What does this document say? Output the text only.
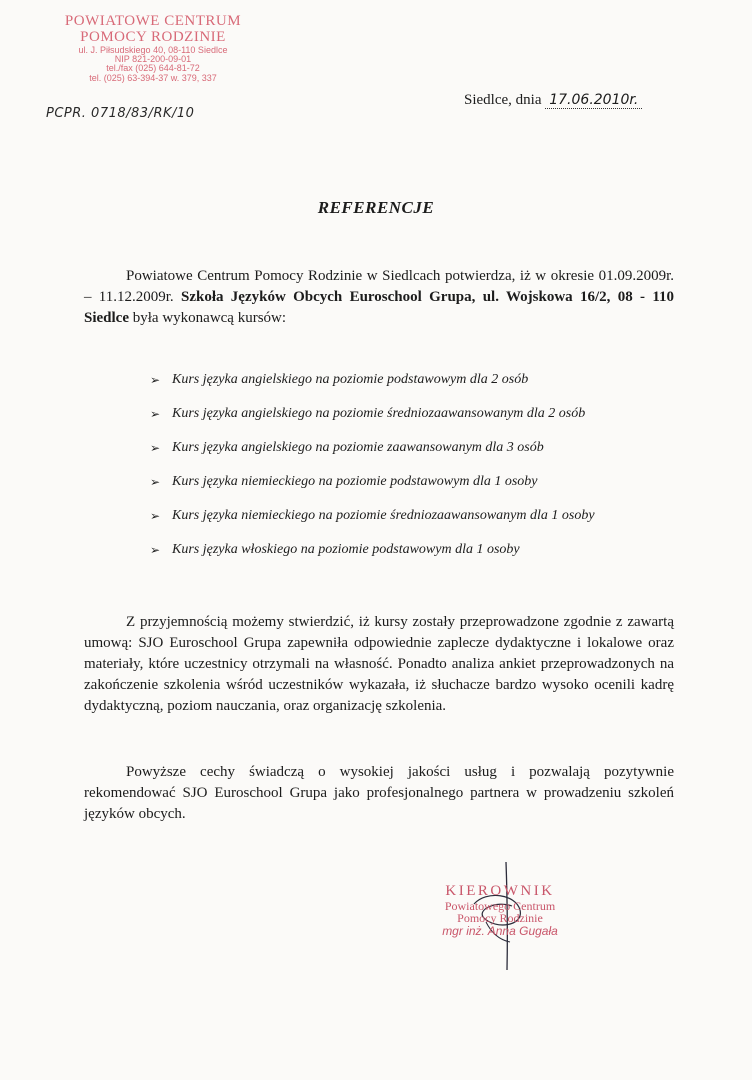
POWIATOWE CENTRUM
POMOCY RODZINIE
ul. J. Piłsudskiego 40, 08-110 Siedlce
NIP 821-200-09-01
tel./fax (025) 644-81-72
tel. (025) 63-394-37 w. 379, 337
PCPR. 0718/83/RK/10
Siedlce, dnia 17.06.2010r.
REFERENCJE
Powiatowe Centrum Pomocy Rodzinie w Siedlcach potwierdza, iż w okresie 01.09.2009r. – 11.12.2009r. Szkoła Języków Obcych Euroschool Grupa, ul. Wojskowa 16/2, 08 - 110 Siedlce była wykonawcą kursów:
➢ Kurs języka angielskiego na poziomie podstawowym dla 2 osób
➢ Kurs języka angielskiego na poziomie średniozaawansowanym dla 2 osób
➢ Kurs języka angielskiego na poziomie zaawansowanym dla 3 osób
➢ Kurs języka niemieckiego na poziomie podstawowym dla 1 osoby
➢ Kurs języka niemieckiego na poziomie średniozaawansowanym dla 1 osoby
➢ Kurs języka włoskiego na poziomie podstawowym dla 1 osoby
Z przyjemnością możemy stwierdzić, iż kursy zostały przeprowadzone zgodnie z zawartą umową: SJO Euroschool Grupa zapewniła odpowiednie zaplecze dydaktyczne i lokalowe oraz materiały, które uczestnicy otrzymali na własność. Ponadto analiza ankiet przeprowadzonych na zakończenie szkolenia wśród uczestników wykazała, iż słuchacze bardzo wysoko ocenili kadrę dydaktyczną, poziom nauczania, oraz organizację szkolenia.
Powyższe cechy świadczą o wysokiej jakości usług i pozwalają pozytywnie rekomendować SJO Euroschool Grupa jako profesjonalnego partnera w prowadzeniu szkoleń języków obcych.
KIEROWNIK
Powiatowego Centrum
Pomocy Rodzinie
mgr inż. Anna Gugała
